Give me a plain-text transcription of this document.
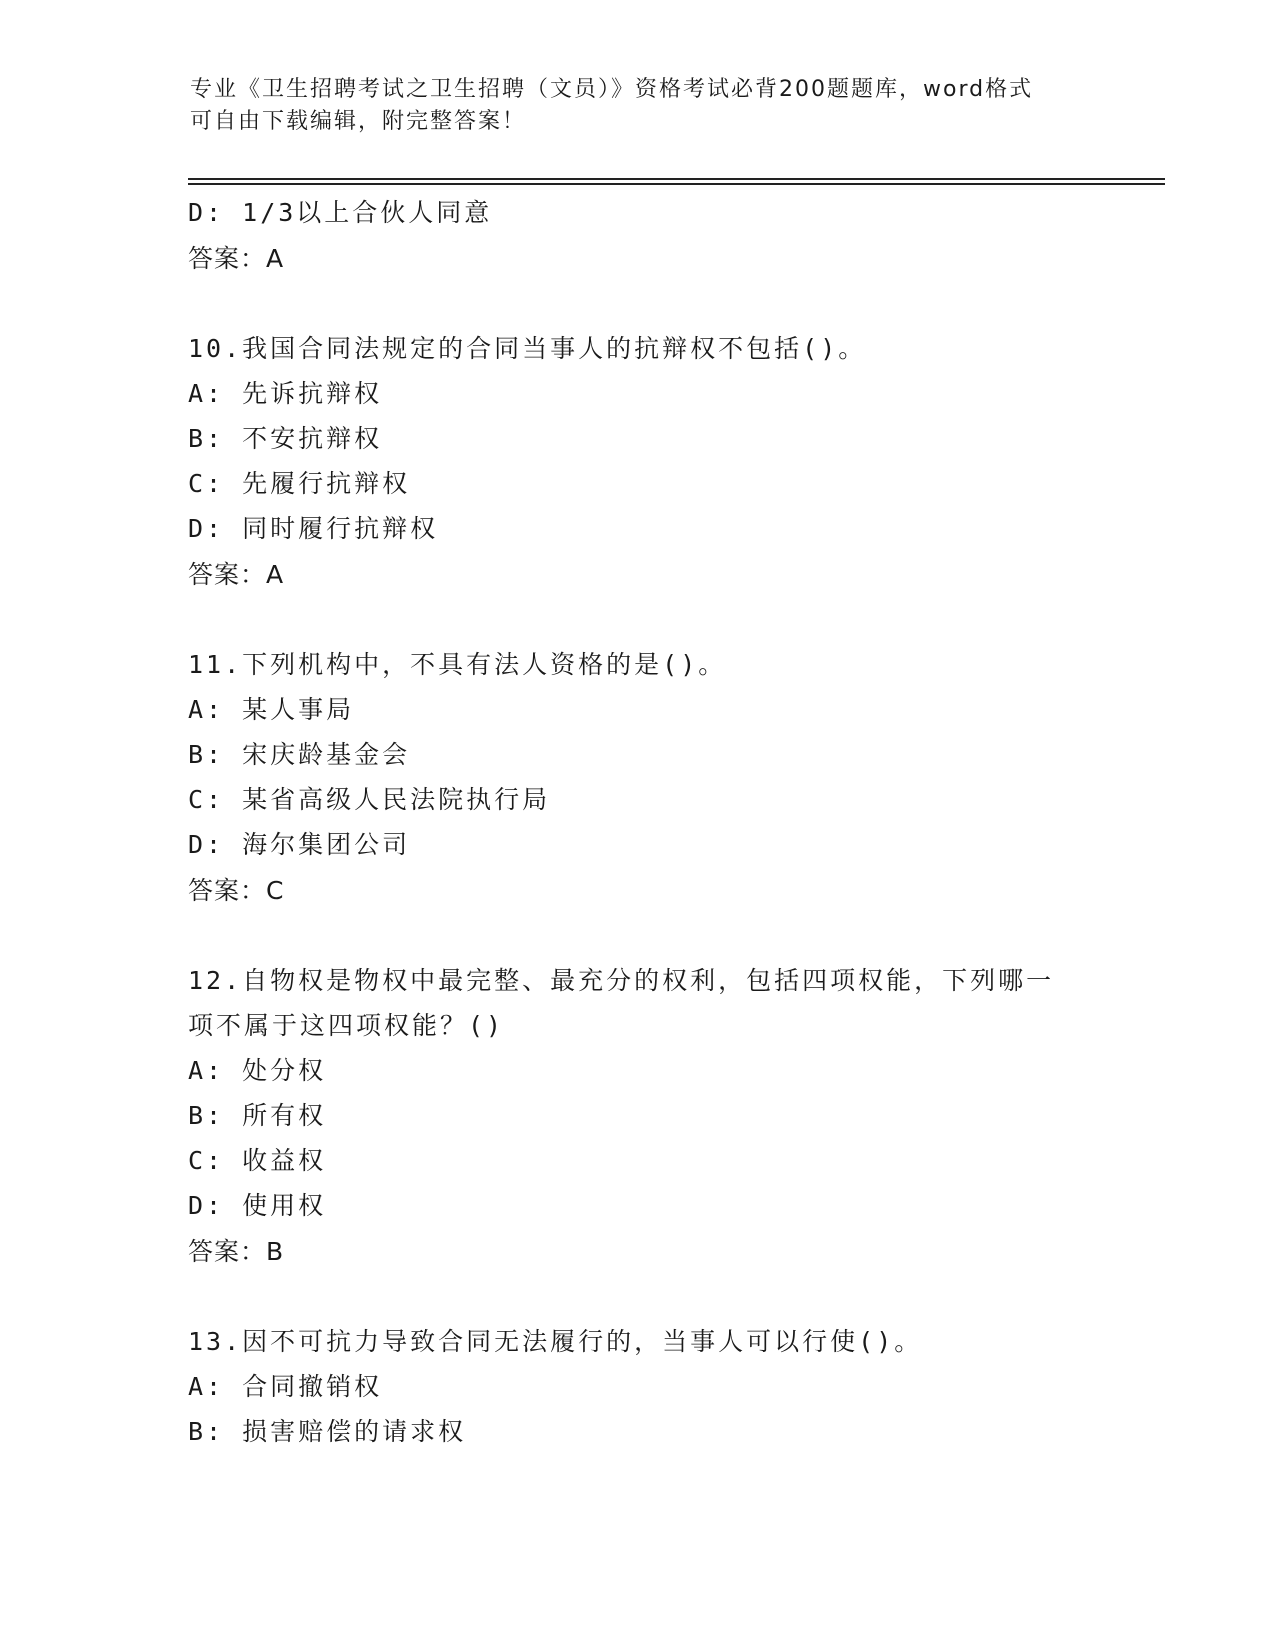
专业《卫生招聘考试之卫生招聘（文员）》资格考试必背200题题库，word格式
可自由下载编辑，附完整答案！
D: 1/3以上合伙人同意
答案：A
10.我国合同法规定的合同当事人的抗辩权不包括()。
A: 先诉抗辩权
B: 不安抗辩权
C: 先履行抗辩权
D: 同时履行抗辩权
答案：A
11.下列机构中，不具有法人资格的是()。
A: 某人事局
B: 宋庆龄基金会
C: 某省高级人民法院执行局
D: 海尔集团公司
答案：C
12.自物权是物权中最完整、最充分的权利，包括四项权能，下列哪一
项不属于这四项权能？()
A: 处分权
B: 所有权
C: 收益权
D: 使用权
答案：B
13.因不可抗力导致合同无法履行的，当事人可以行使()。
A: 合同撤销权
B: 损害赔偿的请求权
